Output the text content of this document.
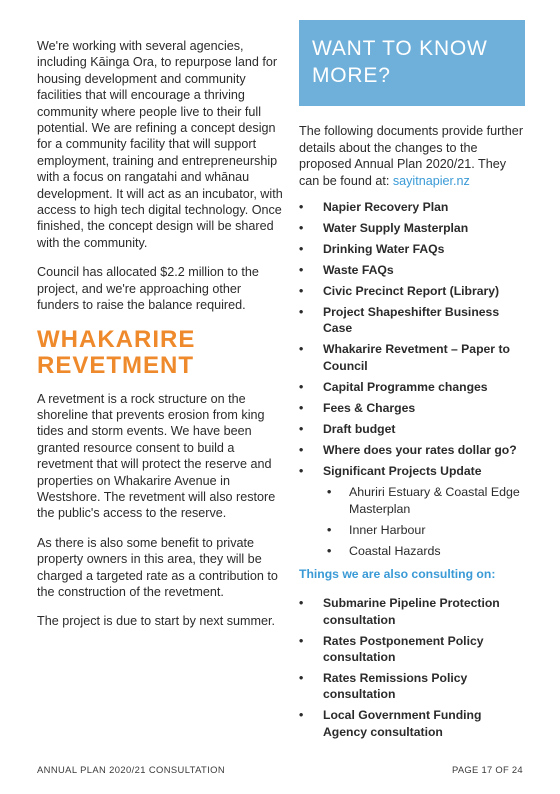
We're working with several agencies, including Kāinga Ora, to repurpose land for housing development and community facilities that will encourage a thriving community where people live to their full potential. We are refining a concept design for a community facility that will support employment, training and entrepreneurship with a focus on rangatahi and whānau development. It will act as an incubator, with access to high tech digital technology. Once finished, the concept design will be shared with the community.

Council has allocated $2.2 million to the project, and we're approaching other funders to raise the balance required.

WHAKARIRE
REVETMENT

A revetment is a rock structure on the shoreline that prevents erosion from king tides and storm events. We have been granted resource consent to build a revetment that will protect the reserve and properties on Whakarire Avenue in Westshore. The revetment will also restore the public's access to the reserve.

As there is also some benefit to private property owners in this area, they will be charged a targeted rate as a contribution to the construction of the revetment.

The project is due to start by next summer.

WANT TO KNOW
MORE?

The following documents provide further details about the changes to the proposed Annual Plan 2020/21. They can be found at: sayitnapier.nz

• Napier Recovery Plan
• Water Supply Masterplan
• Drinking Water FAQs
• Waste FAQs
• Civic Precinct Report (Library)
• Project Shapeshifter Business Case
• Whakarire Revetment – Paper to Council
• Capital Programme changes
• Fees & Charges
• Draft budget
• Where does your rates dollar go?
• Significant Projects Update
• Ahuriri Estuary & Coastal Edge Masterplan
• Inner Harbour
• Coastal Hazards
Things we are also consulting on:
• Submarine Pipeline Protection consultation
• Rates Postponement Policy consultation
• Rates Remissions Policy consultation
• Local Government Funding Agency consultation
ANNUAL PLAN 2020/21 CONSULTATION	PAGE 17 OF 24
